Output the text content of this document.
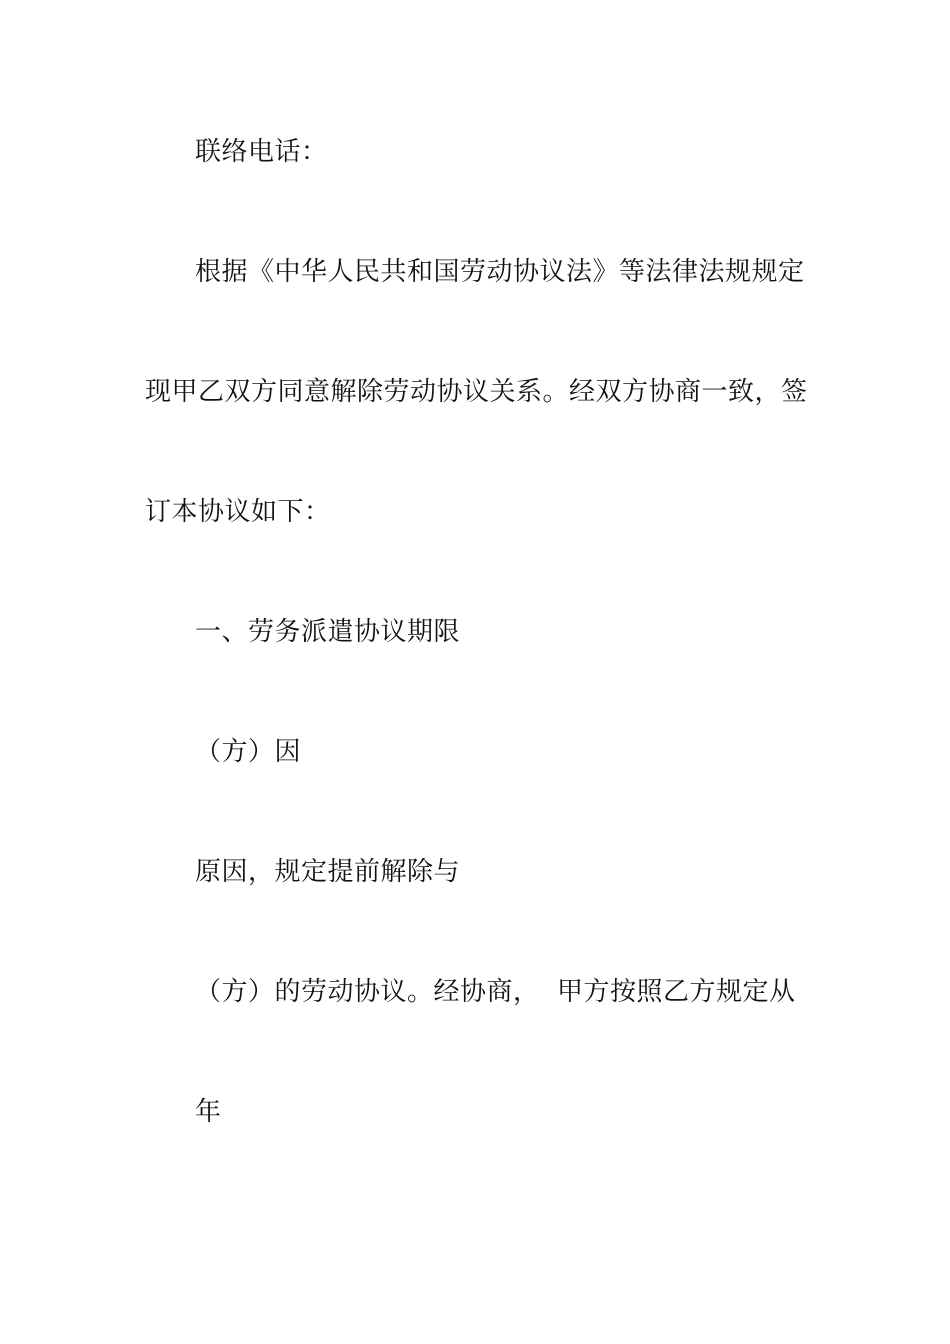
联络电话：
根据《中华人民共和国劳动协议法》等法律法规规定
现甲乙双方同意解除劳动协议关系。经双方协商一致，签
订本协议如下：
一、劳务派遣协议期限
（方）因
原因，规定提前解除与
（方）的劳动协议。经协商，  甲方按照乙方规定从
年
